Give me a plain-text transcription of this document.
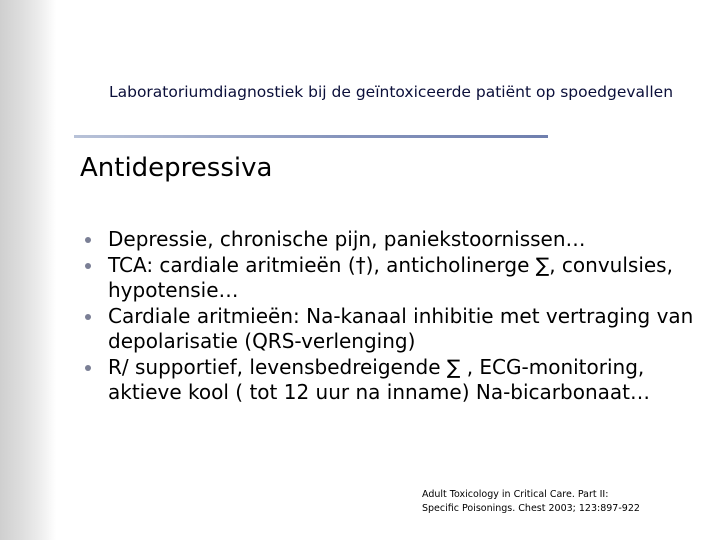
Laboratoriumdiagnostiek bij de geïntoxiceerde patiënt op spoedgevallen
Antidepressiva
Depressie, chronische pijn, paniekstoornissen…
TCA: cardiale aritmieën (†), anticholinerge ∑, convulsies, hypotensie…
Cardiale aritmieën: Na-kanaal inhibitie met vertraging van depolarisatie (QRS-verlenging)
R/ supportief, levensbedreigende ∑ , ECG-monitoring, aktieve kool ( tot 12 uur na inname) Na-bicarbonaat…
Adult Toxicology in Critical Care. Part II:
Specific Poisonings. Chest 2003; 123:897-922
